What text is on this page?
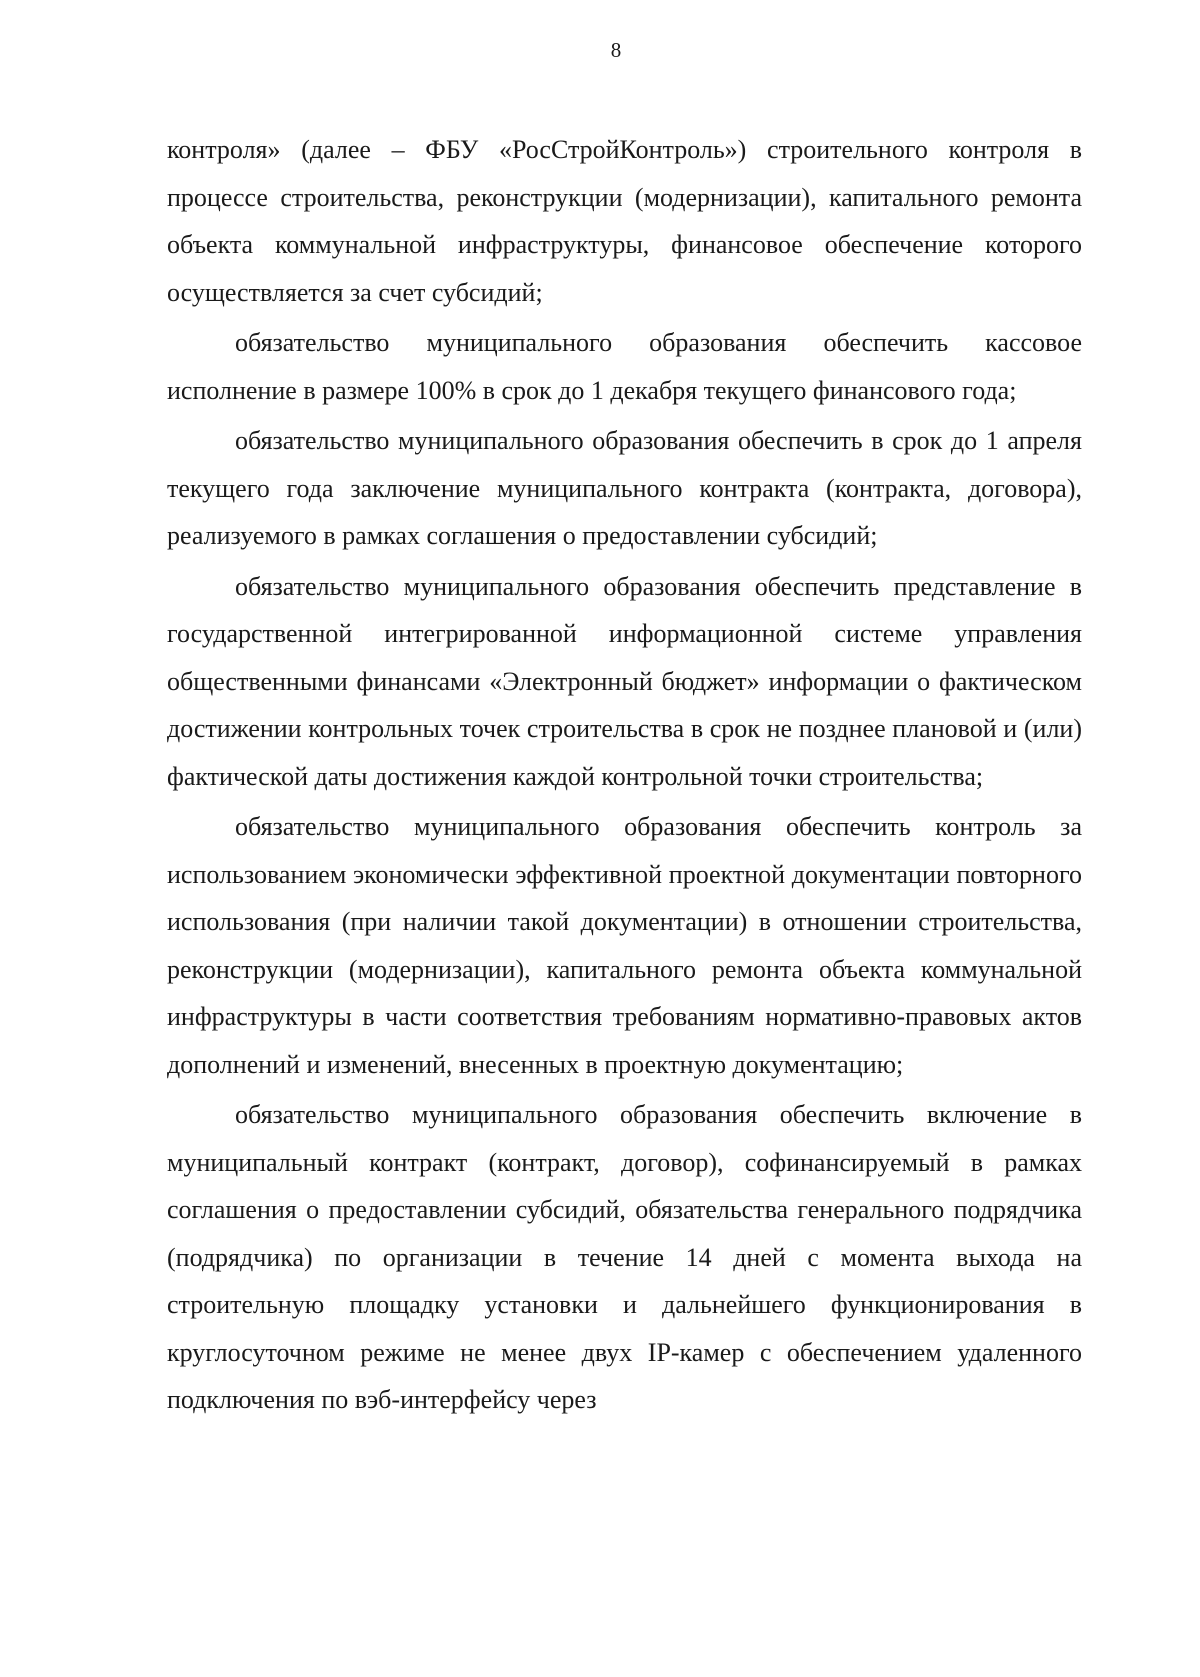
8

контроля» (далее – ФБУ «РосСтройКонтроль») строительного контроля в процессе строительства, реконструкции (модернизации), капитального ремонта объекта коммунальной инфраструктуры, финансовое обеспечение которого осуществляется за счет субсидий;

обязательство муниципального образования обеспечить кассовое исполнение в размере 100% в срок до 1 декабря текущего финансового года;

обязательство муниципального образования обеспечить в срок до 1 апреля текущего года заключение муниципального контракта (контракта, договора), реализуемого в рамках соглашения о предоставлении субсидий;

обязательство муниципального образования обеспечить представление в государственной интегрированной информационной системе управления общественными финансами «Электронный бюджет» информации о фактическом достижении контрольных точек строительства в срок не позднее плановой и (или) фактической даты достижения каждой контрольной точки строительства;

обязательство муниципального образования обеспечить контроль за использованием экономически эффективной проектной документации повторного использования (при наличии такой документации) в отношении строительства, реконструкции (модернизации), капитального ремонта объекта коммунальной инфраструктуры в части соответствия требованиям нормативно-правовых актов дополнений и изменений, внесенных в проектную документацию;

обязательство муниципального образования обеспечить включение в муниципальный контракт (контракт, договор), софинансируемый в рамках соглашения о предоставлении субсидий, обязательства генерального подрядчика (подрядчика) по организации в течение 14 дней с момента выхода на строительную площадку установки и дальнейшего функционирования в круглосуточном режиме не менее двух IP-камер с обеспечением удаленного подключения по вэб-интерфейсу через
